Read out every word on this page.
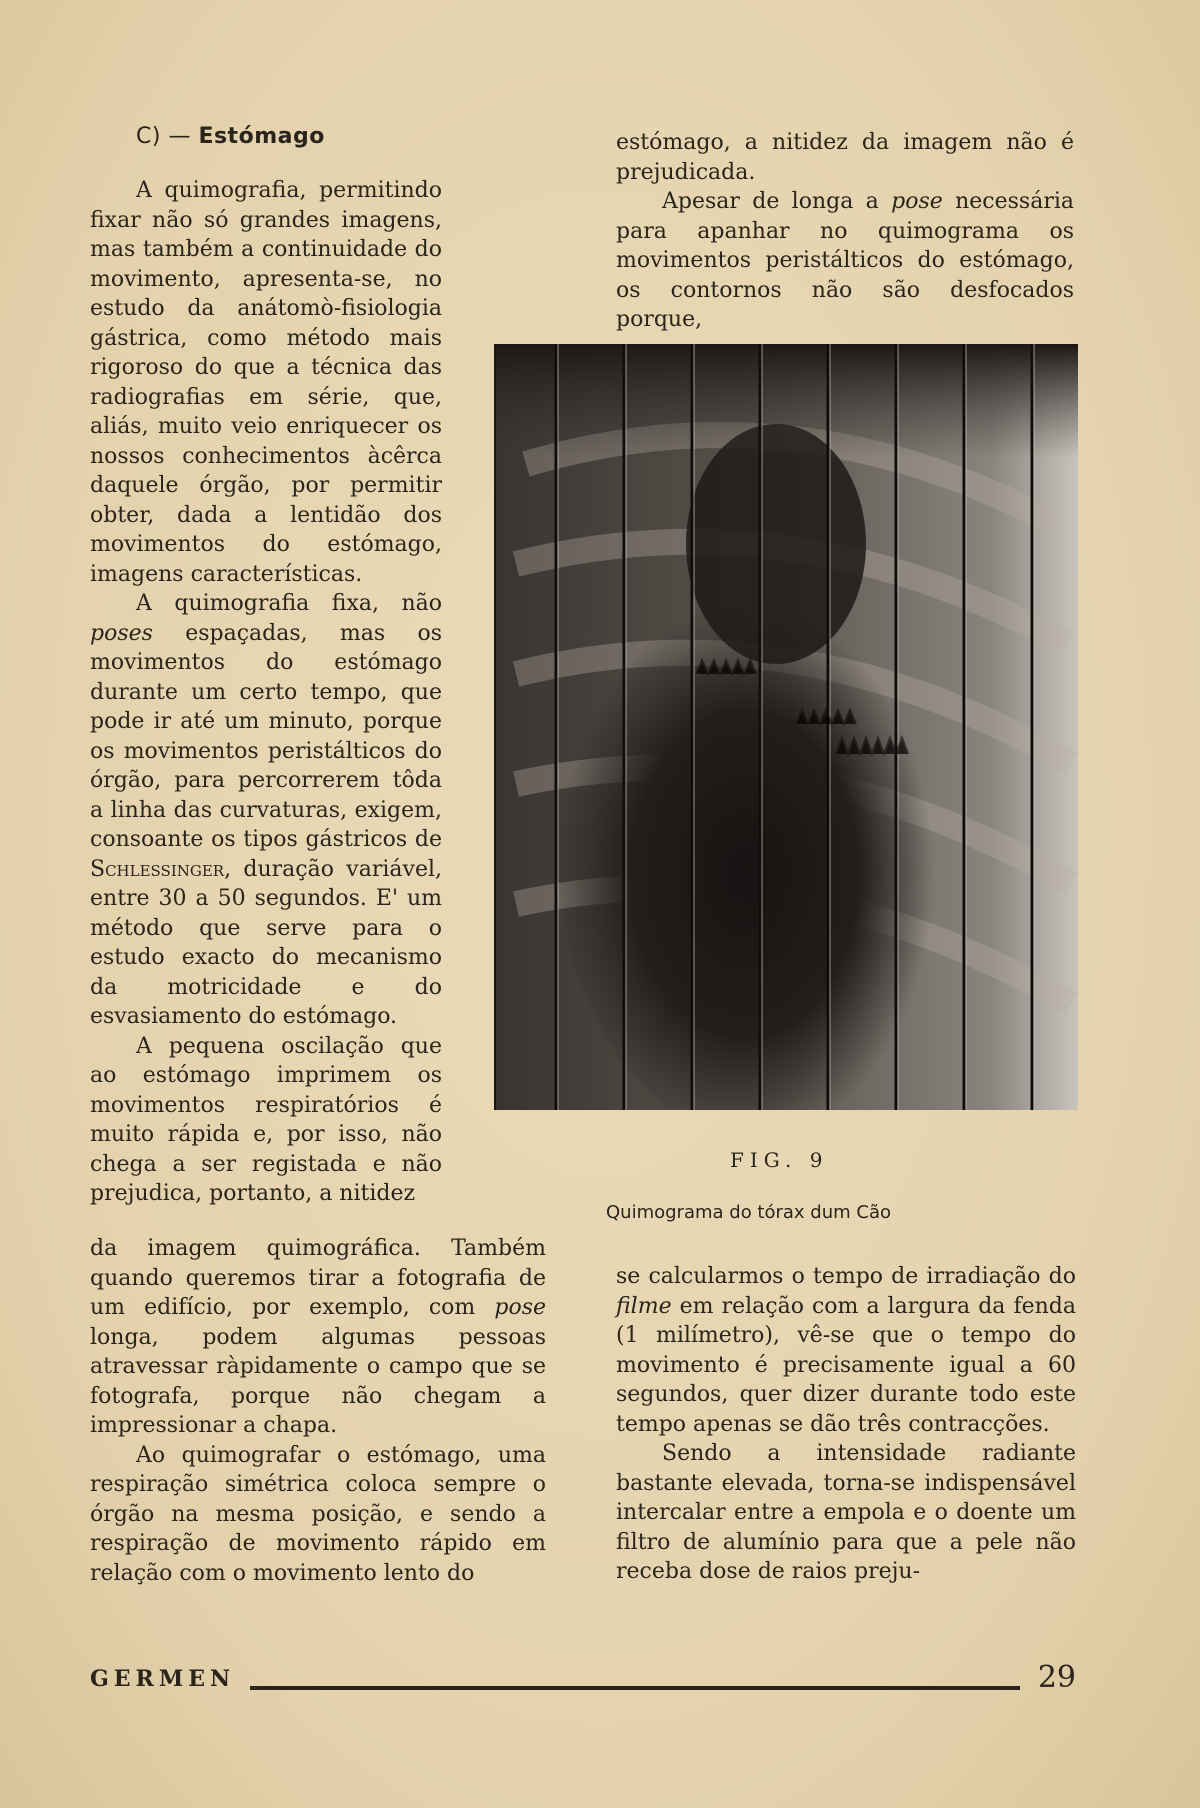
C) — Estómago

A quimografia, permitindo fixar não só grandes imagens, mas também a continuidade do movimento, apresenta-se, no estudo da anátomò-fisiologia gástrica, como método mais rigoroso do que a técnica das radiografias em série, que, aliás, muito veio enriquecer os nossos conhecimentos àcêrca daquele órgão, por permitir obter, dada a lentidão dos movimentos do estómago, imagens características.

A quimografia fixa, não poses espaçadas, mas os movimentos do estómago durante um certo tempo, que pode ir até um minuto, porque os movimentos peristálticos do órgão, para percorrerem tôda a linha das curvaturas, exigem, consoante os tipos gástricos de Schlessinger, duração variável, entre 30 a 50 segundos. E' um método que serve para o estudo exacto do mecanismo da motricidade e do esvasiamento do estómago.

A pequena oscilação que ao estómago imprimem os movimentos respiratórios é muito rápida e, por isso, não chega a ser registada e não prejudica, portanto, a nitidez

da imagem quimográfica. Também quando queremos tirar a fotografia de um edifício, por exemplo, com pose longa, podem algumas pessoas atravessar ràpidamente o campo que se fotografa, porque não chegam a impressionar a chapa.

Ao quimografar o estómago, uma respiração simétrica coloca sempre o órgão na mesma posição, e sendo a respiração de movimento rápido em relação com o movimento lento do

estómago, a nitidez da imagem não é prejudicada.

Apesar de longa a pose necessária para apanhar no quimograma os movimentos peristálticos do estómago, os contornos não são desfocados porque,

FIG. 9
Quimograma do tórax dum Cão

se calcularmos o tempo de irradiação do filme em relação com a largura da fenda (1 milímetro), vê-se que o tempo do movimento é precisamente igual a 60 segundos, quer dizer durante todo este tempo apenas se dão três contracções.

Sendo a intensidade radiante bastante elevada, torna-se indispensável intercalar entre a empola e o doente um filtro de alumínio para que a pele não receba dose de raios preju-

GERMEN	29
